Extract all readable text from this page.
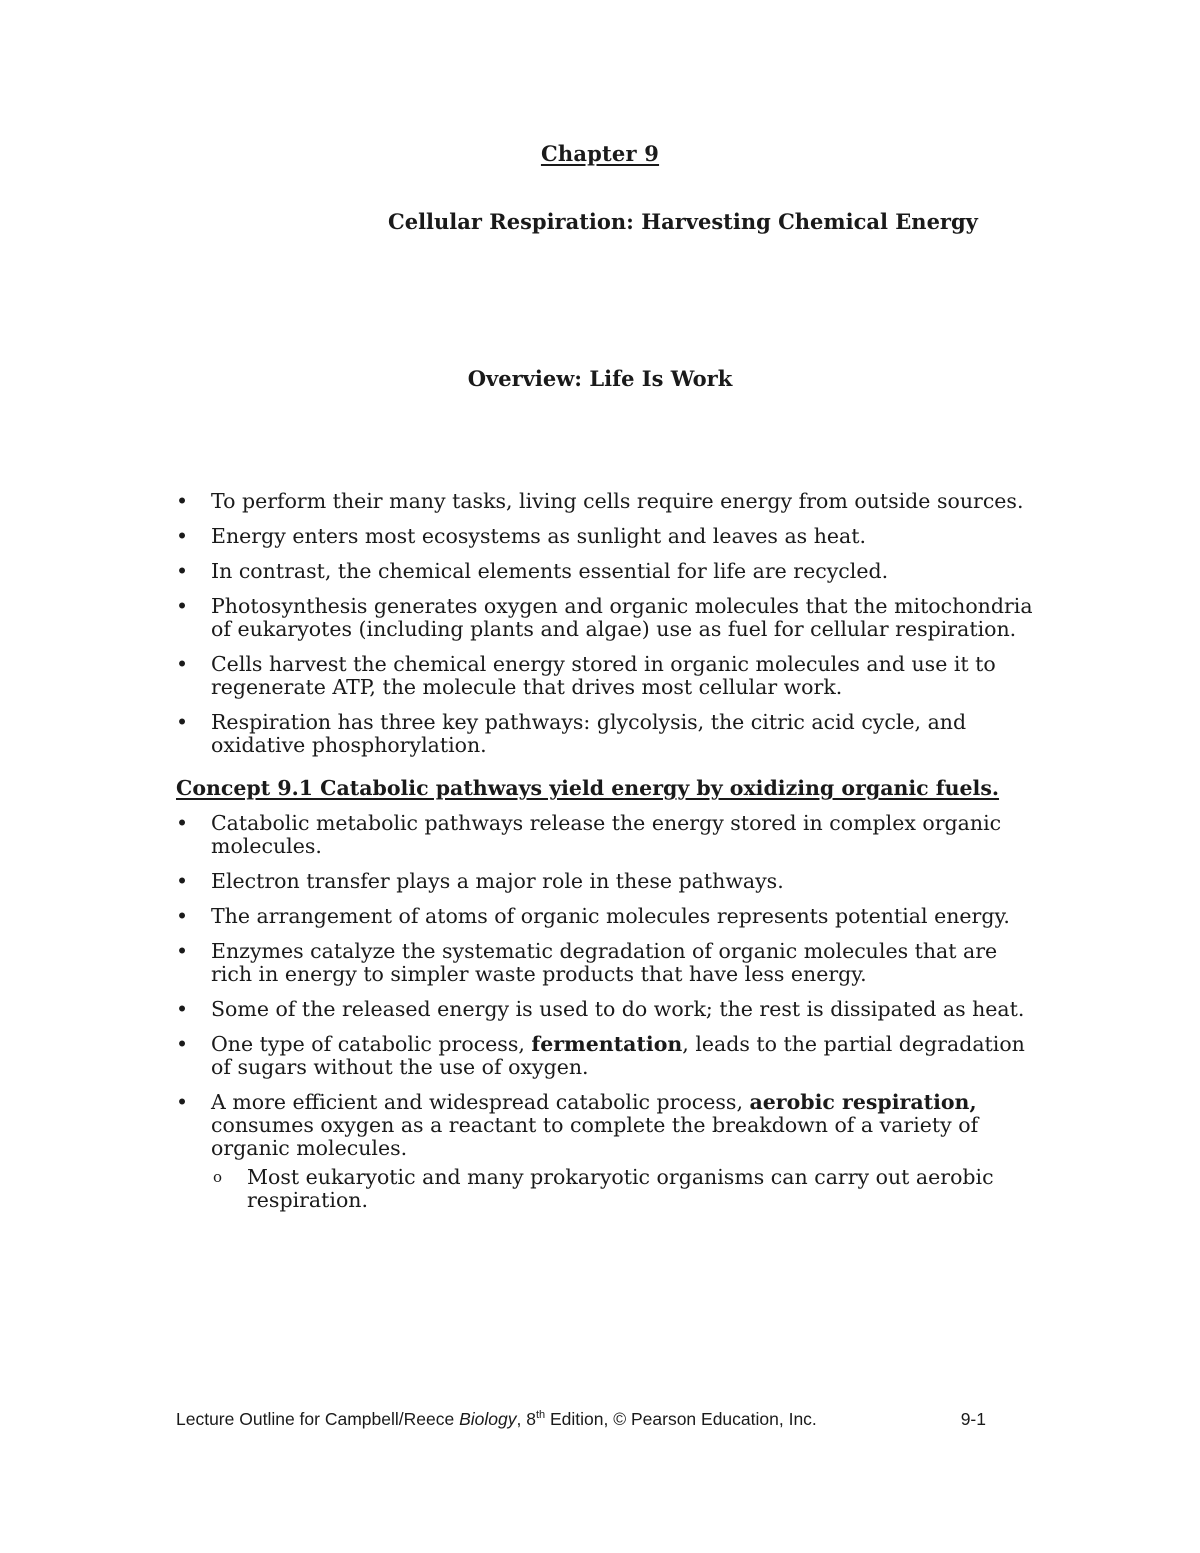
Chapter 9
Cellular Respiration: Harvesting Chemical Energy
Overview: Life Is Work
•	To perform their many tasks, living cells require energy from outside sources.
•	Energy enters most ecosystems as sunlight and leaves as heat.
•	In contrast, the chemical elements essential for life are recycled.
•	Photosynthesis generates oxygen and organic molecules that the mitochondria of eukaryotes (including plants and algae) use as fuel for cellular respiration.
•	Cells harvest the chemical energy stored in organic molecules and use it to regenerate ATP, the molecule that drives most cellular work.
•	Respiration has three key pathways: glycolysis, the citric acid cycle, and oxidative phosphorylation.
Concept 9.1 Catabolic pathways yield energy by oxidizing organic fuels.
•	Catabolic metabolic pathways release the energy stored in complex organic molecules.
•	Electron transfer plays a major role in these pathways.
•	The arrangement of atoms of organic molecules represents potential energy.
•	Enzymes catalyze the systematic degradation of organic molecules that are rich in energy to simpler waste products that have less energy.
•	Some of the released energy is used to do work; the rest is dissipated as heat.
•	One type of catabolic process, fermentation, leads to the partial degradation of sugars without the use of oxygen.
•	A more efficient and widespread catabolic process, aerobic respiration, consumes oxygen as a reactant to complete the breakdown of a variety of organic molecules.
o Most eukaryotic and many prokaryotic organisms can carry out aerobic respiration.
Lecture Outline for Campbell/Reece Biology, 8th Edition, © Pearson Education, Inc.	9-1
